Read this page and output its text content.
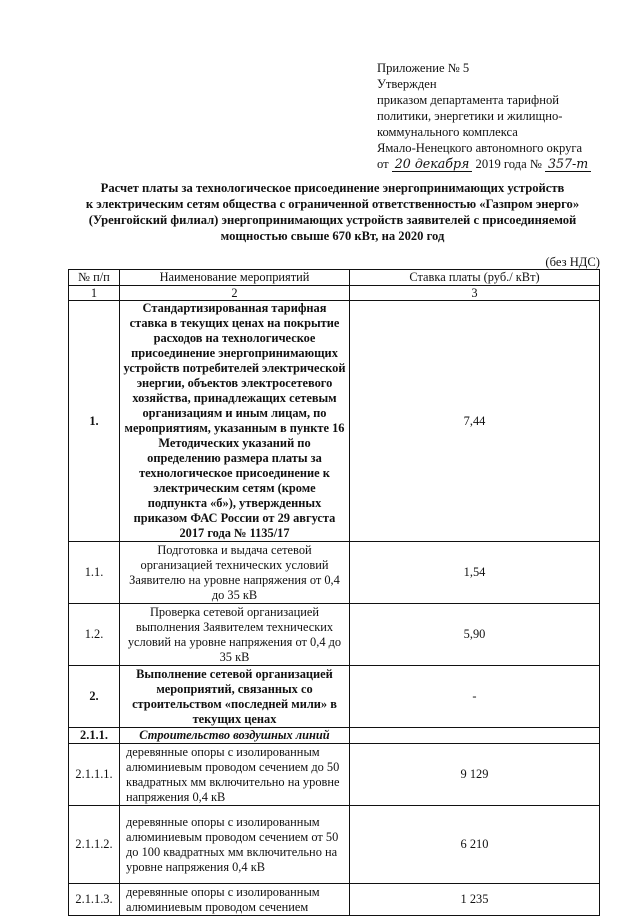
Приложение № 5
Утвержден
приказом департамента тарифной
политики, энергетики и жилищно-
коммунального комплекса
Ямало-Ненецкого автономного округа
от 20 декабря 2019 года № 357-т
Расчет платы за технологическое присоединение энергопринимающих устройств
к электрическим сетям общества с ограниченной ответственностью «Газпром энерго»
(Уренгойский филиал) энергопринимающих устройств заявителей с присоединяемой
мощностью свыше 670 кВт, на 2020 год
(без НДС)
№ п/п	Наименование мероприятий	Ставка платы (руб./ кВт)
1	2	3
1.	Стандартизированная тарифная ставка в текущих ценах на покрытие расходов на технологическое присоединение энергопринимающих устройств потребителей электрической энергии, объектов электросетевого хозяйства, принадлежащих сетевым организациям и иным лицам, по мероприятиям, указанным в пункте 16 Методических указаний по определению размера платы за технологическое присоединение к электрическим сетям (кроме подпункта «б»), утвержденных приказом ФАС России от 29 августа 2017 года № 1135/17	7,44
1.1.	Подготовка и выдача сетевой организацией технических условий Заявителю на уровне напряжения от 0,4 до 35 кВ	1,54
1.2.	Проверка сетевой организацией выполнения Заявителем технических условий на уровне напряжения от 0,4 до 35 кВ	5,90
2.	Выполнение сетевой организацией мероприятий, связанных со строительством «последней мили» в текущих ценах	-
2.1.1.	Строительство воздушных линий	
2.1.1.1.	деревянные опоры с изолированным алюминиевым проводом сечением до 50 квадратных мм включительно на уровне напряжения 0,4 кВ	9 129
2.1.1.2.	деревянные опоры с изолированным алюминиевым проводом сечением от 50 до 100 квадратных мм включительно на уровне напряжения 0,4 кВ	6 210
2.1.1.3.	деревянные опоры с изолированным алюминиевым проводом сечением	1 235
